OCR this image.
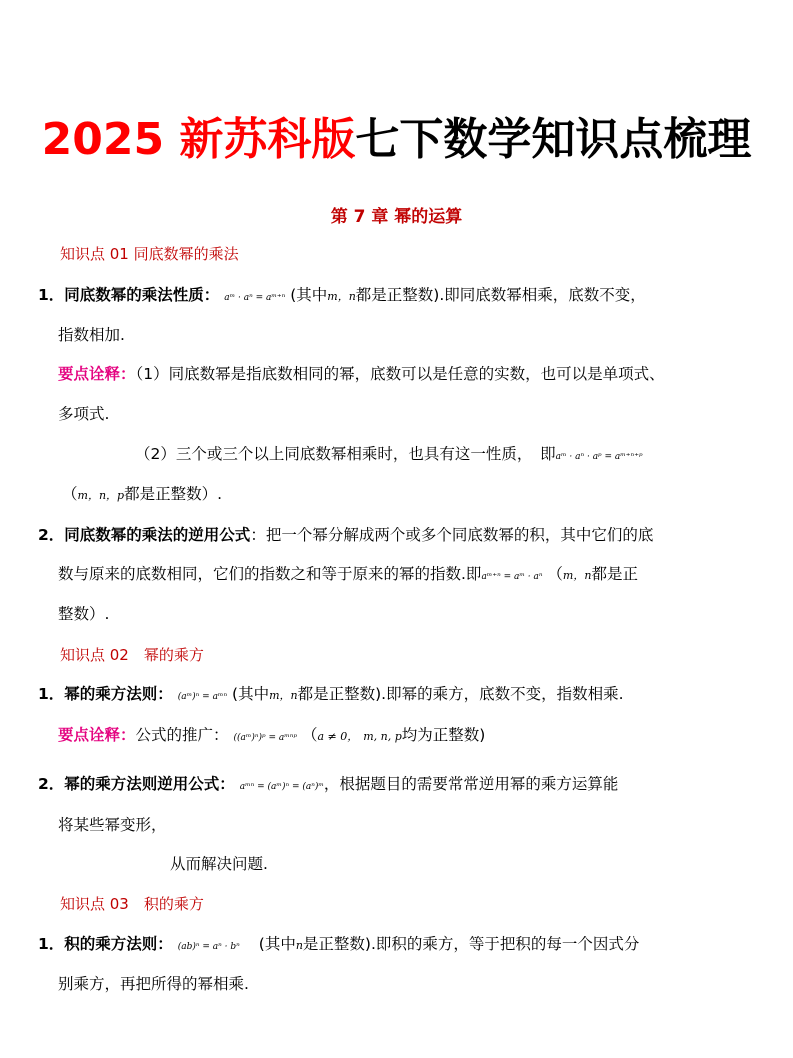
2025 新苏科版七下数学知识点梳理
第 7 章 幂的运算
知识点 01 同底数幂的乘法
1．同底数幂的乘法性质： aᵐ · aⁿ = aᵐ⁺ⁿ (其中m，n都是正整数).即同底数幂相乘，底数不变，
指数相加.
要点诠释：（1）同底数幂是指底数相同的幂，底数可以是任意的实数，也可以是单项式、
多项式.
（2）三个或三个以上同底数幂相乘时，也具有这一性质，　即aᵐ · aⁿ · aᵖ = aᵐ⁺ⁿ⁺ᵖ
（m，n，p都是正整数）.
2．同底数幂的乘法的逆用公式：把一个幂分解成两个或多个同底数幂的积，其中它们的底
数与原来的底数相同，它们的指数之和等于原来的幂的指数.即aᵐ⁺ⁿ = aᵐ · aⁿ （m，n都是正
整数）.
知识点 02　幂的乘方
1．幂的乘方法则： (aᵐ)ⁿ = aᵐⁿ (其中m，n都是正整数).即幂的乘方，底数不变，指数相乘.
要点诠释：公式的推广： ((aᵐ)ⁿ)ᵖ = aᵐⁿᵖ （a ≠ 0， m, n, p均为正整数)
2．幂的乘方法则逆用公式： aᵐⁿ = (aᵐ)ⁿ = (aⁿ)ᵐ，根据题目的需要常常逆用幂的乘方运算能
将某些幂变形，
从而解决问题.
知识点 03　积的乘方
1．积的乘方法则： (ab)ⁿ = aⁿ · bⁿ (其中n是正整数).即积的乘方，等于把积的每一个因式分
别乘方，再把所得的幂相乘.
